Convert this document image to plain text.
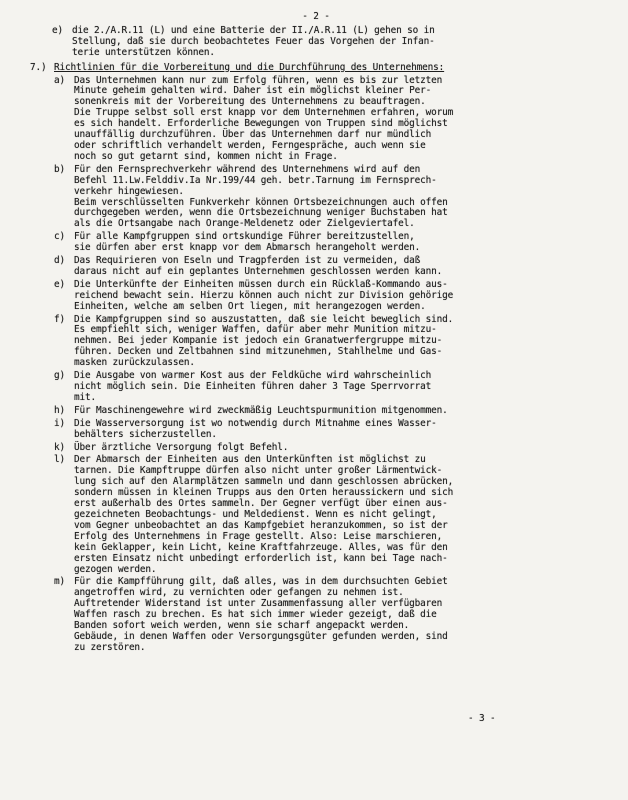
- 2 -
e) die 2./A.R.11 (L) und eine Batterie der II./A.R.11 (L) gehen so in
Stellung, daß sie durch beobachtetes Feuer das Vorgehen der Infan-
terie unterstützen können.
7.) Richtlinien für die Vorbereitung und die Durchführung des Unternehmens:
a) Das Unternehmen kann nur zum Erfolg führen, wenn es bis zur letzten
Minute geheim gehalten wird. Daher ist ein möglichst kleiner Per-
sonenkreis mit der Vorbereitung des Unternehmens zu beauftragen.
Die Truppe selbst soll erst knapp vor dem Unternehmen erfahren, worum
es sich handelt. Erforderliche Bewegungen von Truppen sind möglichst
unauffällig durchzuführen. Über das Unternehmen darf nur mündlich
oder schriftlich verhandelt werden, Ferngespräche, auch wenn sie
noch so gut getarnt sind, kommen nicht in Frage.
b) Für den Fernsprechverkehr während des Unternehmens wird auf den
Befehl 11.Lw.Felddiv.Ia Nr.199/44 geh. betr.Tarnung im Fernsprech-
verkehr hingewiesen.
Beim verschlüsselten Funkverkehr können Ortsbezeichnungen auch offen
durchgegeben werden, wenn die Ortsbezeichnung weniger Buchstaben hat
als die Ortsangabe nach Orange-Meldenetz oder Zielgeviertafel.
c) Für alle Kampfgruppen sind ortskundige Führer bereitzustellen,
sie dürfen aber erst knapp vor dem Abmarsch herangeholt werden.
d) Das Requirieren von Eseln und Tragpferden ist zu vermeiden, daß
daraus nicht auf ein geplantes Unternehmen geschlossen werden kann.
e) Die Unterkünfte der Einheiten müssen durch ein Rücklaß-Kommando aus-
reichend bewacht sein. Hierzu können auch nicht zur Division gehörige
Einheiten, welche am selben Ort liegen, mit herangezogen werden.
f) Die Kampfgruppen sind so auszustatten, daß sie leicht beweglich sind.
Es empfiehlt sich, weniger Waffen, dafür aber mehr Munition mitzu-
nehmen. Bei jeder Kompanie ist jedoch ein Granatwerfergruppe mitzu-
führen. Decken und Zeltbahnen sind mitzunehmen, Stahlhelme und Gas-
masken zurückzulassen.
g) Die Ausgabe von warmer Kost aus der Feldküche wird wahrscheinlich
nicht möglich sein. Die Einheiten führen daher 3 Tage Sperrvorrat
mit.
h) Für Maschinengewehre wird zweckmäßig Leuchtspurmunition mitgenommen.
i) Die Wasserversorgung ist wo notwendig durch Mitnahme eines Wasser-
behälters sicherzustellen.
k) Über ärztliche Versorgung folgt Befehl.
l) Der Abmarsch der Einheiten aus den Unterkünften ist möglichst zu
tarnen. Die Kampftruppe dürfen also nicht unter großer Lärmentwick-
lung sich auf den Alarmplätzen sammeln und dann geschlossen abrücken,
sondern müssen in kleinen Trupps aus den Orten heraussickern und sich
erst außerhalb des Ortes sammeln. Der Gegner verfügt über einen aus-
gezeichneten Beobachtungs- und Meldedienst. Wenn es nicht gelingt,
vom Gegner unbeobachtet an das Kampfgebiet heranzukommen, so ist der
Erfolg des Unternehmens in Frage gestellt. Also: Leise marschieren,
kein Geklapper, kein Licht, keine Kraftfahrzeuge. Alles, was für den
ersten Einsatz nicht unbedingt erforderlich ist, kann bei Tage nach-
gezogen werden.
m) Für die Kampfführung gilt, daß alles, was in dem durchsuchten Gebiet
angetroffen wird, zu vernichten oder gefangen zu nehmen ist.
Auftretender Widerstand ist unter Zusammenfassung aller verfügbaren
Waffen rasch zu brechen. Es hat sich immer wieder gezeigt, daß die
Banden sofort weich werden, wenn sie scharf angepackt werden.
Gebäude, in denen Waffen oder Versorgungsgüter gefunden werden, sind
zu zerstören.
- 3 -
